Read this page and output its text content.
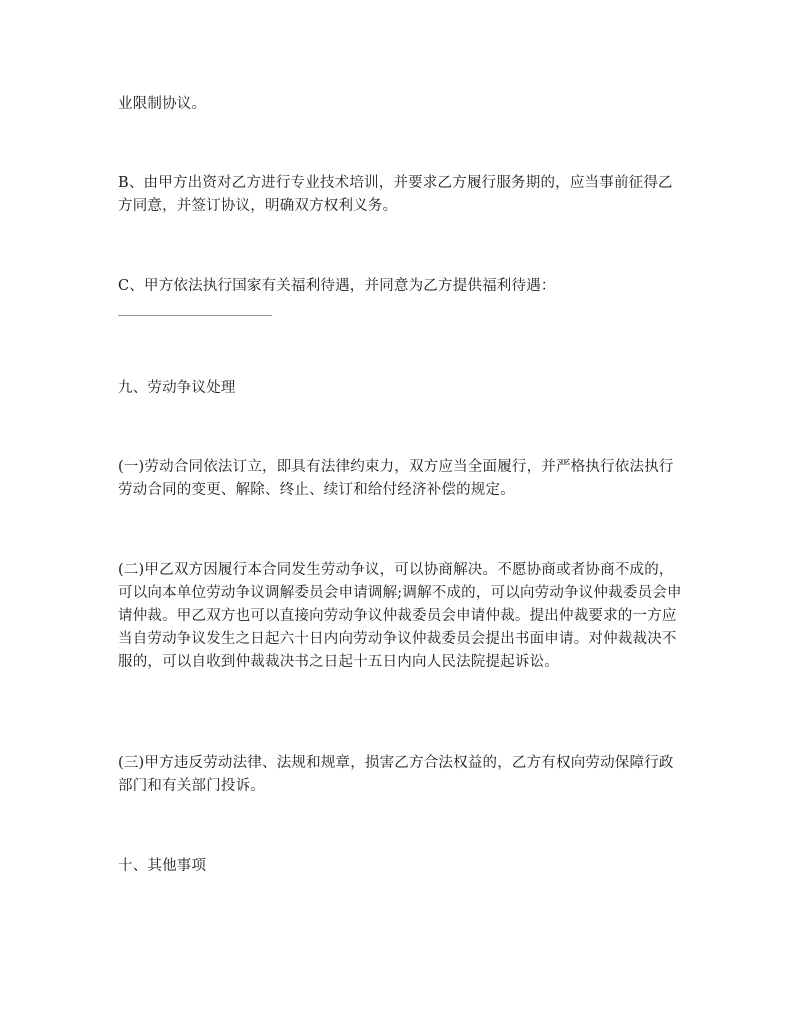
业限制协议。

B、由甲方出资对乙方进行专业技术培训，并要求乙方履行服务期的，应当事前征得乙方同意，并签订协议，明确双方权利义务。

C、甲方依法执行国家有关福利待遇，并同意为乙方提供福利待遇：

九、劳动争议处理

(一)劳动合同依法订立，即具有法律约束力，双方应当全面履行，并严格执行依法执行劳动合同的变更、解除、终止、续订和给付经济补偿的规定。

(二)甲乙双方因履行本合同发生劳动争议，可以协商解决。不愿协商或者协商不成的，可以向本单位劳动争议调解委员会申请调解;调解不成的，可以向劳动争议仲裁委员会申请仲裁。甲乙双方也可以直接向劳动争议仲裁委员会申请仲裁。提出仲裁要求的一方应当自劳动争议发生之日起六十日内向劳动争议仲裁委员会提出书面申请。对仲裁裁决不服的，可以自收到仲裁裁决书之日起十五日内向人民法院提起诉讼。

(三)甲方违反劳动法律、法规和规章，损害乙方合法权益的，乙方有权向劳动保障行政部门和有关部门投诉。

十、其他事项
